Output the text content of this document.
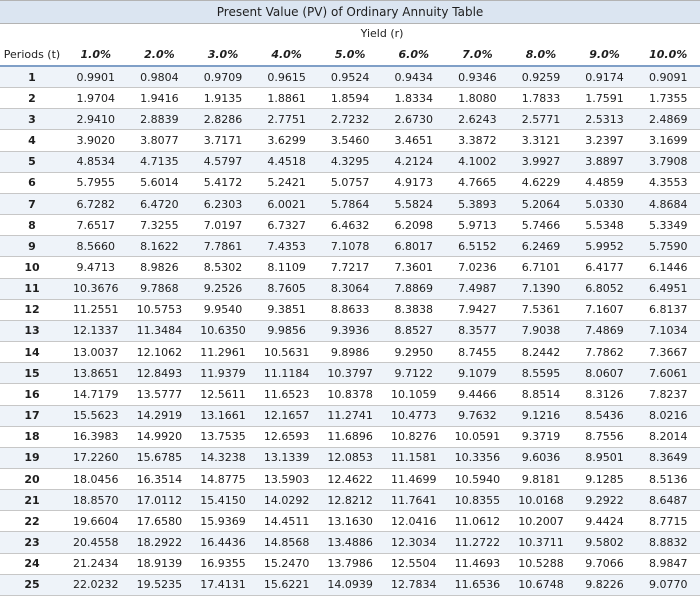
Present Value (PV) of Ordinary Annuity Table										
	Yield (r)									
Periods (t)	1.0%	2.0%	3.0%	4.0%	5.0%	6.0%	7.0%	8.0%	9.0%	10.0%
1	0.9901	0.9804	0.9709	0.9615	0.9524	0.9434	0.9346	0.9259	0.9174	0.9091
2	1.9704	1.9416	1.9135	1.8861	1.8594	1.8334	1.8080	1.7833	1.7591	1.7355
3	2.9410	2.8839	2.8286	2.7751	2.7232	2.6730	2.6243	2.5771	2.5313	2.4869
4	3.9020	3.8077	3.7171	3.6299	3.5460	3.4651	3.3872	3.3121	3.2397	3.1699
5	4.8534	4.7135	4.5797	4.4518	4.3295	4.2124	4.1002	3.9927	3.8897	3.7908
6	5.7955	5.6014	5.4172	5.2421	5.0757	4.9173	4.7665	4.6229	4.4859	4.3553
7	6.7282	6.4720	6.2303	6.0021	5.7864	5.5824	5.3893	5.2064	5.0330	4.8684
8	7.6517	7.3255	7.0197	6.7327	6.4632	6.2098	5.9713	5.7466	5.5348	5.3349
9	8.5660	8.1622	7.7861	7.4353	7.1078	6.8017	6.5152	6.2469	5.9952	5.7590
10	9.4713	8.9826	8.5302	8.1109	7.7217	7.3601	7.0236	6.7101	6.4177	6.1446
11	10.3676	9.7868	9.2526	8.7605	8.3064	7.8869	7.4987	7.1390	6.8052	6.4951
12	11.2551	10.5753	9.9540	9.3851	8.8633	8.3838	7.9427	7.5361	7.1607	6.8137
13	12.1337	11.3484	10.6350	9.9856	9.3936	8.8527	8.3577	7.9038	7.4869	7.1034
14	13.0037	12.1062	11.2961	10.5631	9.8986	9.2950	8.7455	8.2442	7.7862	7.3667
15	13.8651	12.8493	11.9379	11.1184	10.3797	9.7122	9.1079	8.5595	8.0607	7.6061
16	14.7179	13.5777	12.5611	11.6523	10.8378	10.1059	9.4466	8.8514	8.3126	7.8237
17	15.5623	14.2919	13.1661	12.1657	11.2741	10.4773	9.7632	9.1216	8.5436	8.0216
18	16.3983	14.9920	13.7535	12.6593	11.6896	10.8276	10.0591	9.3719	8.7556	8.2014
19	17.2260	15.6785	14.3238	13.1339	12.0853	11.1581	10.3356	9.6036	8.9501	8.3649
20	18.0456	16.3514	14.8775	13.5903	12.4622	11.4699	10.5940	9.8181	9.1285	8.5136
21	18.8570	17.0112	15.4150	14.0292	12.8212	11.7641	10.8355	10.0168	9.2922	8.6487
22	19.6604	17.6580	15.9369	14.4511	13.1630	12.0416	11.0612	10.2007	9.4424	8.7715
23	20.4558	18.2922	16.4436	14.8568	13.4886	12.3034	11.2722	10.3711	9.5802	8.8832
24	21.2434	18.9139	16.9355	15.2470	13.7986	12.5504	11.4693	10.5288	9.7066	8.9847
25	22.0232	19.5235	17.4131	15.6221	14.0939	12.7834	11.6536	10.6748	9.8226	9.0770
